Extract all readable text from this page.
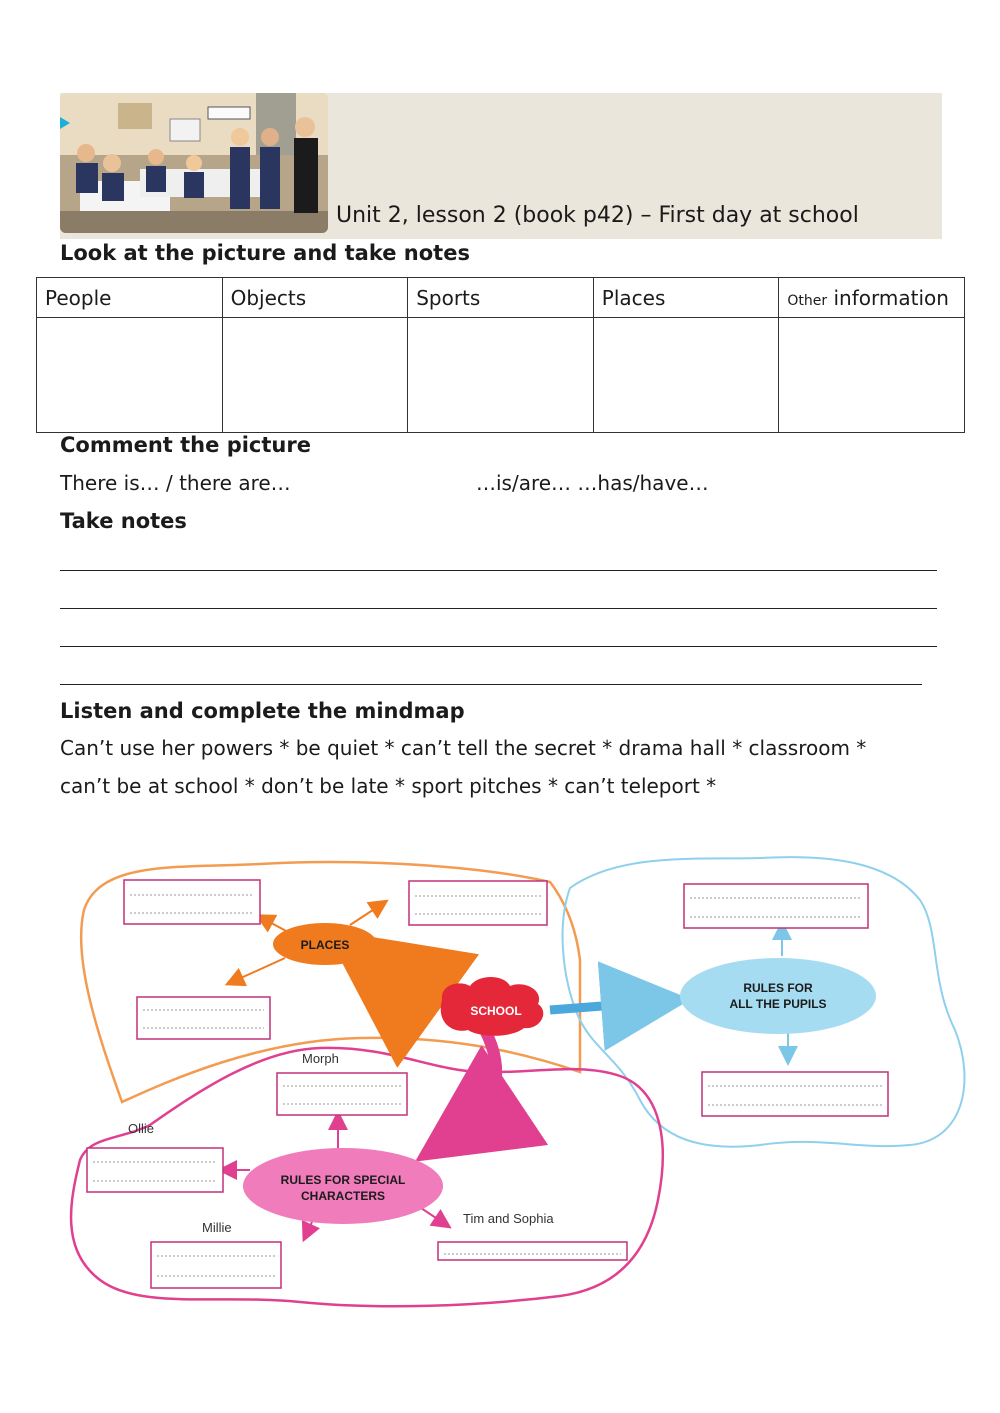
Unit 2, lesson 2 (book p42) – First day at school
Look at the picture and take notes
People	Objects	Sports	Places	Other information

Comment the picture
There is… / there are…	…is/are… …has/have…
Take notes
Listen and complete the mindmap
Can’t use her powers * be quiet * can’t tell the secret * drama hall * classroom *
can’t be at school * don’t be late * sport pitches * can’t teleport *
SCHOOL
PLACES
RULES FOR
ALL THE PUPILS
RULES FOR SPECIAL
CHARACTERS
Morph
Ollie
Millie
Tim and Sophia
